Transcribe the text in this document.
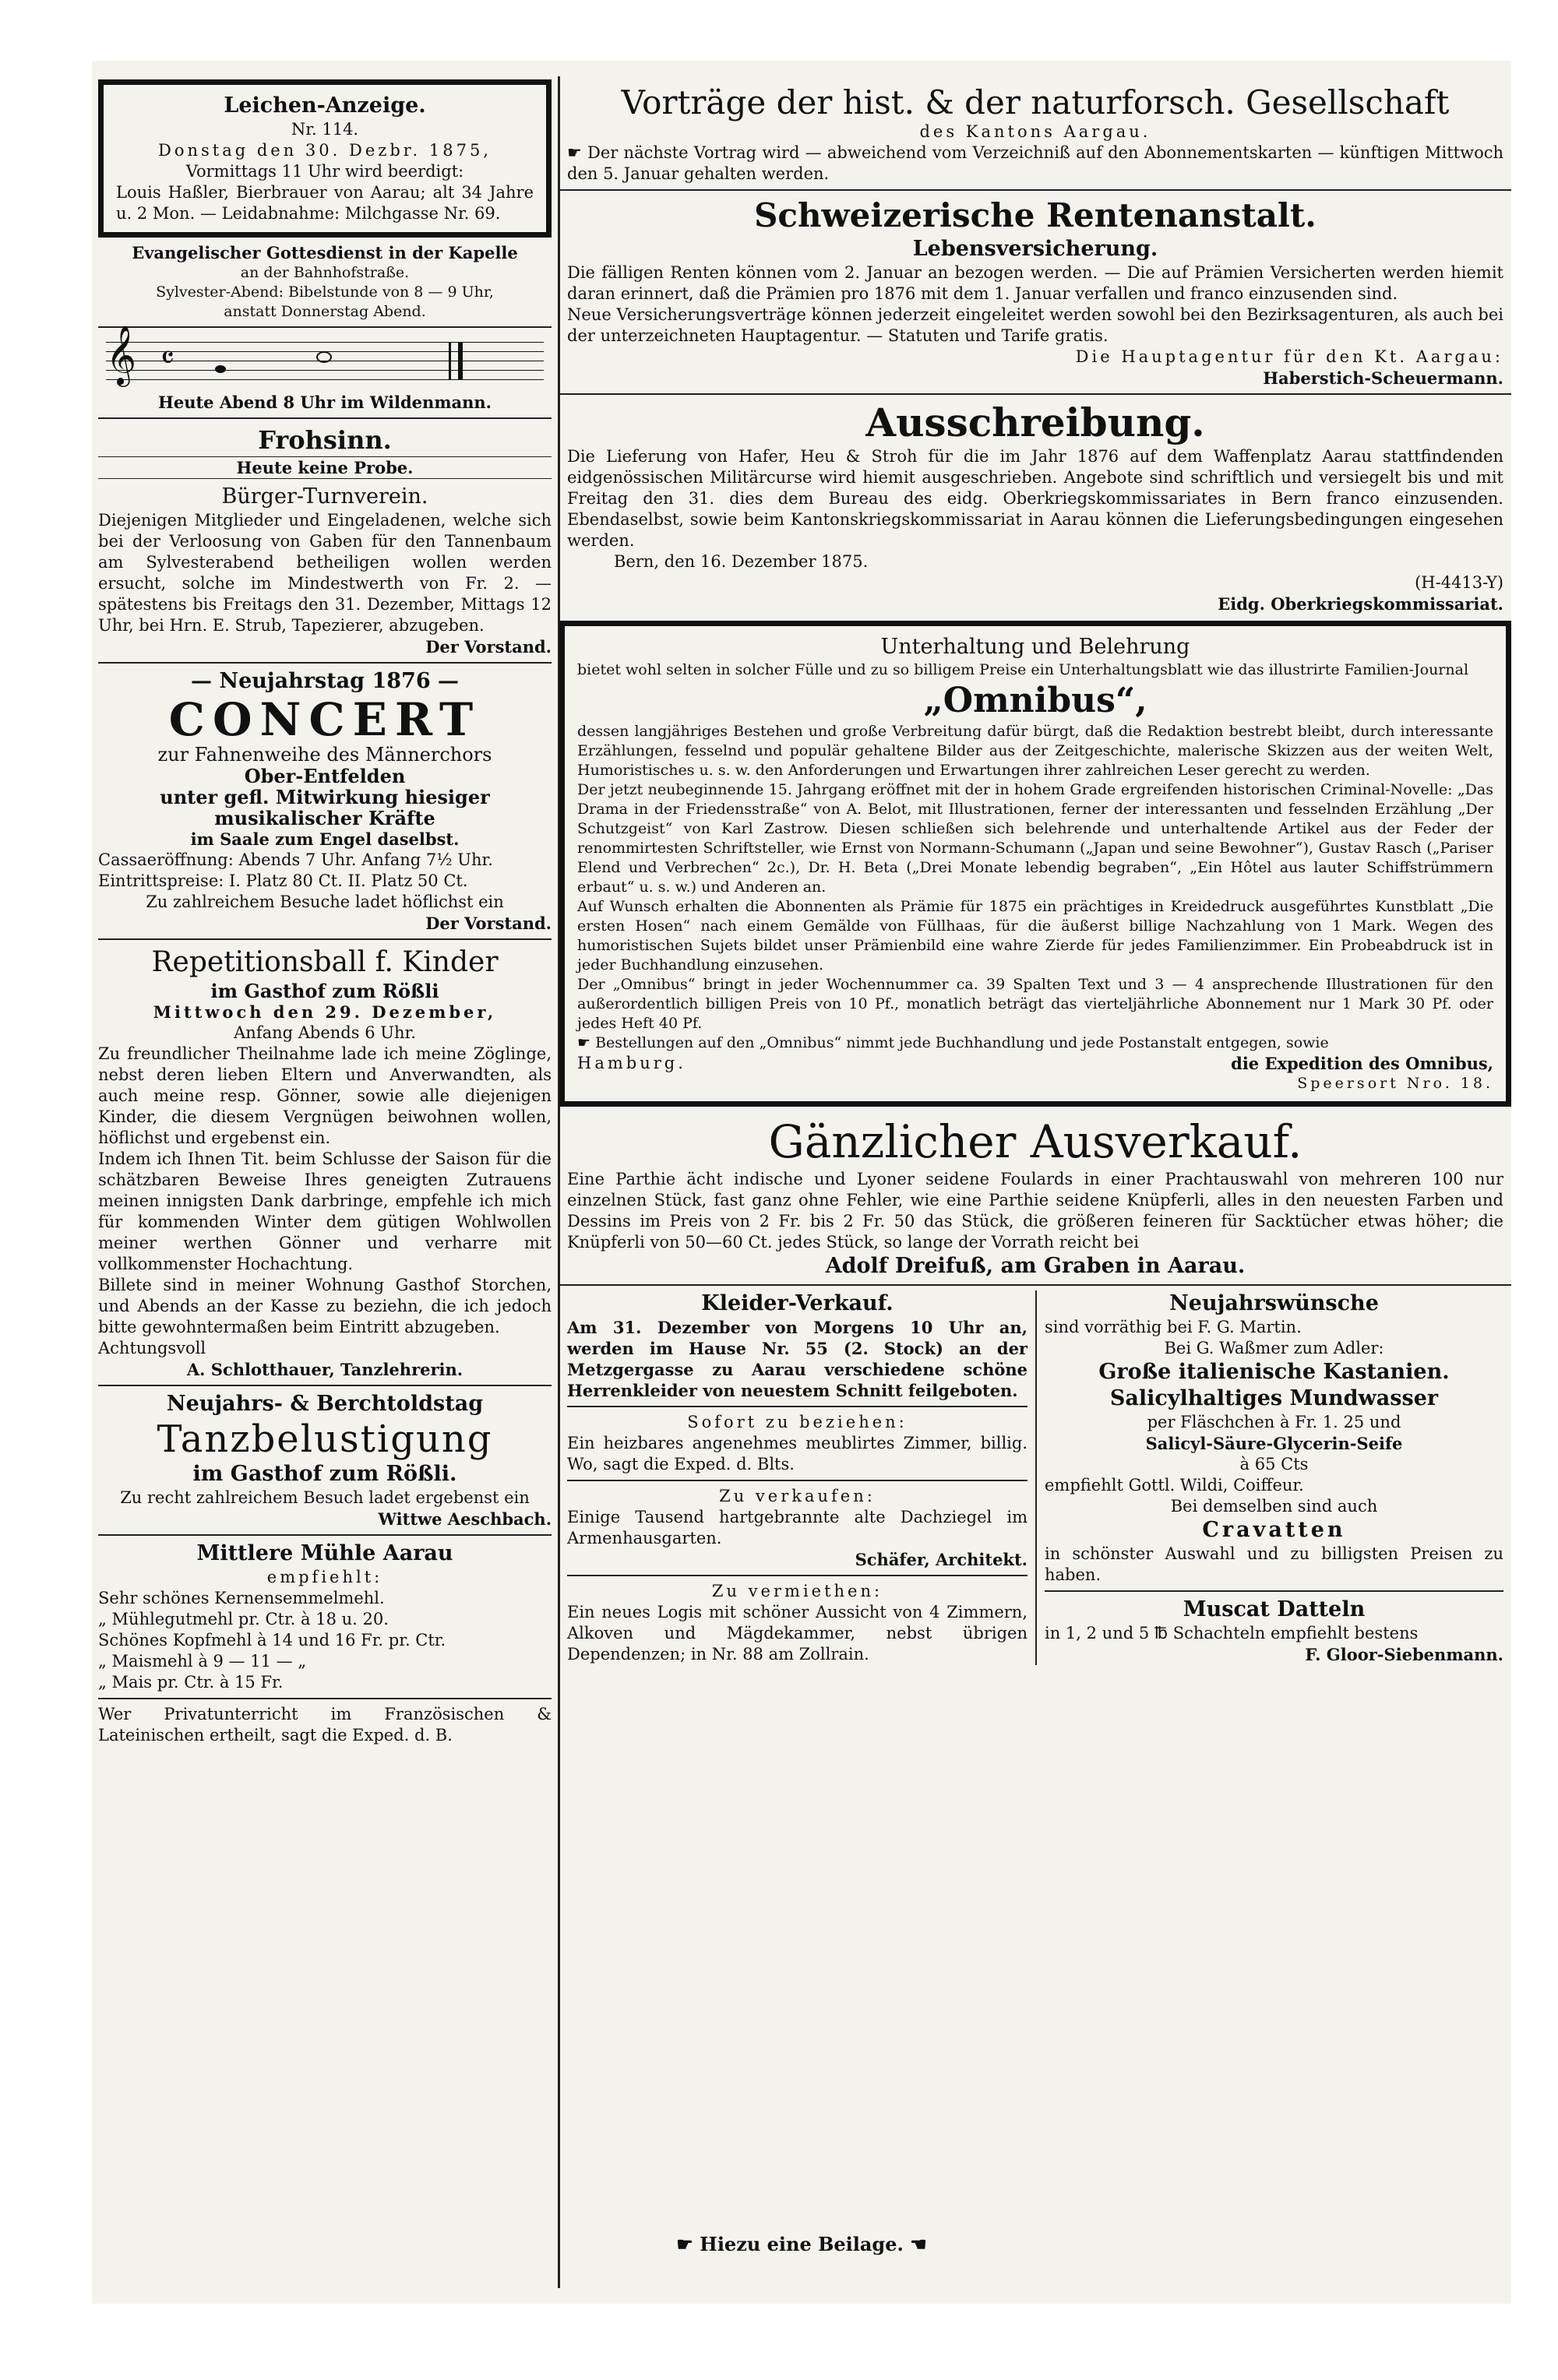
Leichen-Anzeige.

Nr. 114.

Donstag den 30. Dezbr. 1875,

Vormittags 11 Uhr wird beerdigt:

Louis Haßler, Bierbrauer von Aarau; alt 34 Jahre u. 2 Mon. — Leidabnahme: Milchgasse Nr. 69.

Evangelischer Gottesdienst in der Kapelle

an der Bahnhofstraße.

Sylvester-Abend: Bibelstunde von 8 — 9 Uhr,

anstatt Donnerstag Abend.

𝄞 𝄴

Heute Abend 8 Uhr im Wildenmann.

Frohsinn.

Heute keine Probe.

Bürger-Turnverein.

Diejenigen Mitglieder und Eingeladenen, welche sich bei der Verloosung von Gaben für den Tannenbaum am Sylvesterabend betheiligen wollen werden ersucht, solche im Mindestwerth von Fr. 2. — spätestens bis Freitags den 31. Dezember, Mittags 12 Uhr, bei Hrn. E. Strub, Tapezierer, abzugeben.

Der Vorstand.

— Neujahrstag 1876 —

CONCERT

zur Fahnenweihe des Männerchors

Ober-Entfelden

unter gefl. Mitwirkung hiesiger musikalischer Kräfte

im Saale zum Engel daselbst.

Cassaeröffnung: Abends 7 Uhr. Anfang 7½ Uhr.

Eintrittspreise: I. Platz 80 Ct. II. Platz 50 Ct.

Zu zahlreichem Besuche ladet höflichst ein

Der Vorstand.

Repetitionsball f. Kinder

im Gasthof zum Rößli

Mittwoch den 29. Dezember,

Anfang Abends 6 Uhr.

Zu freundlicher Theilnahme lade ich meine Zöglinge, nebst deren lieben Eltern und Anverwandten, als auch meine resp. Gönner, sowie alle diejenigen Kinder, die diesem Vergnügen beiwohnen wollen, höflichst und ergebenst ein.

Indem ich Ihnen Tit. beim Schlusse der Saison für die schätzbaren Beweise Ihres geneigten Zutrauens meinen innigsten Dank darbringe, empfehle ich mich für kommenden Winter dem gütigen Wohlwollen meiner werthen Gönner und verharre mit vollkommenster Hochachtung.

Billete sind in meiner Wohnung Gasthof Storchen, und Abends an der Kasse zu beziehn, die ich jedoch bitte gewohntermaßen beim Eintritt abzugeben.

Achtungsvoll

A. Schlotthauer, Tanzlehrerin.

Neujahrs- & Berchtoldstag

Tanzbelustigung

im Gasthof zum Rößli.

Zu recht zahlreichem Besuch ladet ergebenst ein

Wittwe Aeschbach.

Mittlere Mühle Aarau

empfiehlt:

Sehr schönes Kernensemmelmehl.

„ Mühlegutmehl pr. Ctr. à 18 u. 20.

Schönes Kopfmehl à 14 und 16 Fr. pr. Ctr.

„ Maismehl à 9 — 11 — „

„ Mais pr. Ctr. à 15 Fr.

Wer Privatunterricht im Französischen & Lateinischen ertheilt, sagt die Exped. d. B.

Vorträge der hist. & der naturforsch. Gesellschaft

des Kantons Aargau.

☛ Der nächste Vortrag wird — abweichend vom Verzeichniß auf den Abonnementskarten — künftigen Mittwoch den 5. Januar gehalten werden.

Schweizerische Rentenanstalt.

Lebensversicherung.

Die fälligen Renten können vom 2. Januar an bezogen werden. — Die auf Prämien Versicherten werden hiemit daran erinnert, daß die Prämien pro 1876 mit dem 1. Januar verfallen und franco einzusenden sind.

Neue Versicherungsverträge können jederzeit eingeleitet werden sowohl bei den Bezirksagenturen, als auch bei der unterzeichneten Hauptagentur. — Statuten und Tarife gratis.

Die Hauptagentur für den Kt. Aargau:

Haberstich-Scheuermann.

Ausschreibung.

Die Lieferung von Hafer, Heu & Stroh für die im Jahr 1876 auf dem Waffenplatz Aarau stattfindenden eidgenössischen Militärcurse wird hiemit ausgeschrieben. Angebote sind schriftlich und versiegelt bis und mit Freitag den 31. dies dem Bureau des eidg. Oberkriegskommissariates in Bern franco einzusenden. Ebendaselbst, sowie beim Kantonskriegskommissariat in Aarau können die Lieferungsbedingungen eingesehen werden.

Bern, den 16. Dezember 1875.

(H-4413-Y)

Eidg. Oberkriegskommissariat.

Unterhaltung und Belehrung

bietet wohl selten in solcher Fülle und zu so billigem Preise ein Unterhaltungsblatt wie das illustrirte Familien-Journal

„Omnibus“,

dessen langjähriges Bestehen und große Verbreitung dafür bürgt, daß die Redaktion bestrebt bleibt, durch interessante Erzählungen, fesselnd und populär gehaltene Bilder aus der Zeitgeschichte, malerische Skizzen aus der weiten Welt, Humoristisches u. s. w. den Anforderungen und Erwartungen ihrer zahlreichen Leser gerecht zu werden.

Der jetzt neubeginnende 15. Jahrgang eröffnet mit der in hohem Grade ergreifenden historischen Criminal-Novelle: „Das Drama in der Friedensstraße“ von A. Belot, mit Illustrationen, ferner der interessanten und fesselnden Erzählung „Der Schutzgeist“ von Karl Zastrow. Diesen schließen sich belehrende und unterhaltende Artikel aus der Feder der renommirtesten Schriftsteller, wie Ernst von Normann-Schumann („Japan und seine Bewohner“), Gustav Rasch („Pariser Elend und Verbrechen“ 2c.), Dr. H. Beta („Drei Monate lebendig begraben“, „Ein Hôtel aus lauter Schiffstrümmern erbaut“ u. s. w.) und Anderen an.

Auf Wunsch erhalten die Abonnenten als Prämie für 1875 ein prächtiges in Kreidedruck ausgeführtes Kunstblatt „Die ersten Hosen“ nach einem Gemälde von Füllhaas, für die äußerst billige Nachzahlung von 1 Mark. Wegen des humoristischen Sujets bildet unser Prämienbild eine wahre Zierde für jedes Familienzimmer. Ein Probeabdruck ist in jeder Buchhandlung einzusehen.

Der „Omnibus“ bringt in jeder Wochennummer ca. 39 Spalten Text und 3 — 4 ansprechende Illustrationen für den außerordentlich billigen Preis von 10 Pf., monatlich beträgt das vierteljährliche Abonnement nur 1 Mark 30 Pf. oder jedes Heft 40 Pf.

☛ Bestellungen auf den „Omnibus“ nimmt jede Buchhandlung und jede Postanstalt entgegen, sowie

Hamburg.	die Expedition des Omnibus,

Speersort Nro. 18.

Gänzlicher Ausverkauf.

Eine Parthie ächt indische und Lyoner seidene Foulards in einer Prachtauswahl von mehreren 100 nur einzelnen Stück, fast ganz ohne Fehler, wie eine Parthie seidene Knüpferli, alles in den neuesten Farben und Dessins im Preis von 2 Fr. bis 2 Fr. 50 das Stück, die größeren feineren für Sacktücher etwas höher; die Knüpferli von 50—60 Ct. jedes Stück, so lange der Vorrath reicht bei

Adolf Dreifuß, am Graben in Aarau.

Kleider-Verkauf.

Am 31. Dezember von Morgens 10 Uhr an, werden im Hause Nr. 55 (2. Stock) an der Metzgergasse zu Aarau verschiedene schöne Herrenkleider von neuestem Schnitt feilgeboten.

Sofort zu beziehen:

Ein heizbares angenehmes meublirtes Zimmer, billig. Wo, sagt die Exped. d. Blts.

Zu verkaufen:

Einige Tausend hartgebrannte alte Dachziegel im Armenhausgarten.

Schäfer, Architekt.

Zu vermiethen:

Ein neues Logis mit schöner Aussicht von 4 Zimmern, Alkoven und Mägdekammer, nebst übrigen Dependenzen; in Nr. 88 am Zollrain.

Neujahrswünsche

sind vorräthig bei F. G. Martin.

Bei G. Waßmer zum Adler:

Große italienische Kastanien.

Salicylhaltiges Mundwasser

per Fläschchen à Fr. 1. 25 und

Salicyl-Säure-Glycerin-Seife

à 65 Cts

empfiehlt Gottl. Wildi, Coiffeur.

Bei demselben sind auch

Cravatten

in schönster Auswahl und zu billigsten Preisen zu haben.

Muscat Datteln

in 1, 2 und 5 ℔ Schachteln empfiehlt bestens

F. Gloor-Siebenmann.

☛ Hiezu eine Beilage. ☚
